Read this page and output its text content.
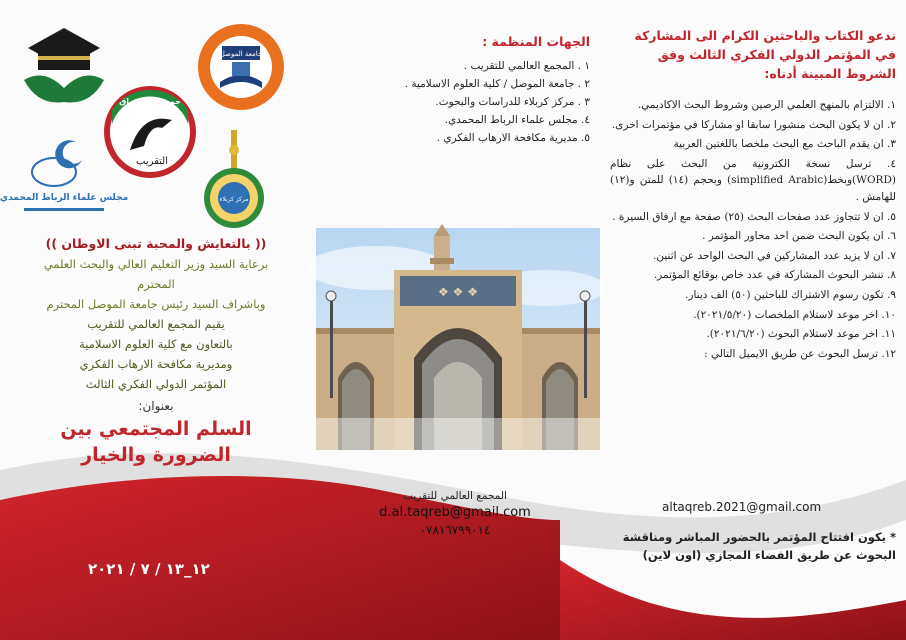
ندعو الكتاب والباحثين الكرام الى المشاركة في المؤتمر الدولي الفكري الثالث وفق الشروط المبينة أدناه:
١. الالتزام بالمنهج العلمي الرصين وشروط البحث الاكاديمي.
٢. ان لا يكون البحث منشورا سابقا او مشاركا في مؤتمرات اخرى.
٣. ان يقدم الباحث مع البحث ملخصا باللغتين العربية
٤. ترسل نسخة الكترونية من البحث على نظام (WORD)وبخط(simplified Arabic) وبحجم (١٤) للمتن و(١٢) للهامش .
٥. ان لا تتجاوز عدد صفحات البحث (٢٥) صفحة مع ارفاق السيرة .
٦. ان يكون البحث ضمن احد محاور المؤتمر .
٧. ان لا يزيد عدد المشاركين في البحث الواحد عن اثنين.
٨. تنشر البحوث المشاركة في عدد خاص بوقائع المؤتمر.
٩. تكون رسوم الاشتراك للباحثين (٥٠) الف دينار.
١٠. اخر موعد لاستلام الملخصات (٢٠٢١/٥/٢٠).
١١. اخر موعد لاستلام البحوث (٢٠٢١/٦/٢٠).
١٢. ترسل البحوث عن طريق الايميل التالي :
altaqreb.2021@gmail.com
* يكون افتتاح المؤتمر بالحضور المباشر ومناقشة البحوث عن طريق الفضاء المجازي (اون لاين)
الجهات المنظمة :
١ . المجمع العالمي للتقريب .
٢ . جامعة الموصل / كلية العلوم الاسلامية .
٣ . مركز كربلاء للدراسات والبحوث.
٤. مجلس علماء الرباط المحمدي.
٥. مديرية مكافحة الارهاب الفكري .
❖ ❖ ❖
المجمع العالمي للتقريب
d.al.taqreb@gmail.com
٠٧٨١٦٧٩٩٠١٤
مجمع
جامعة الموصل
جمهورية العراق
التقريب
مجلس علماء الرباط المحمدي	مركز كربلاء
(( بالتعايش والمحبة تبنى الاوطان ))
برعاية السيد وزير التعليم العالي والبحث العلمي
المحترم
وباشراف السيد رئيس جامعة الموصل المحترم
يقيم المجمع العالمي للتقريب
بالتعاون مع كلية العلوم الاسلامية
ومديرية مكافحة الارهاب الفكري
المؤتمر الدولي الفكري الثالث
بعنوان:
السلم المجتمعي بين
الضرورة والخيار
١٢_١٣ / ٧ / ٢٠٢١
